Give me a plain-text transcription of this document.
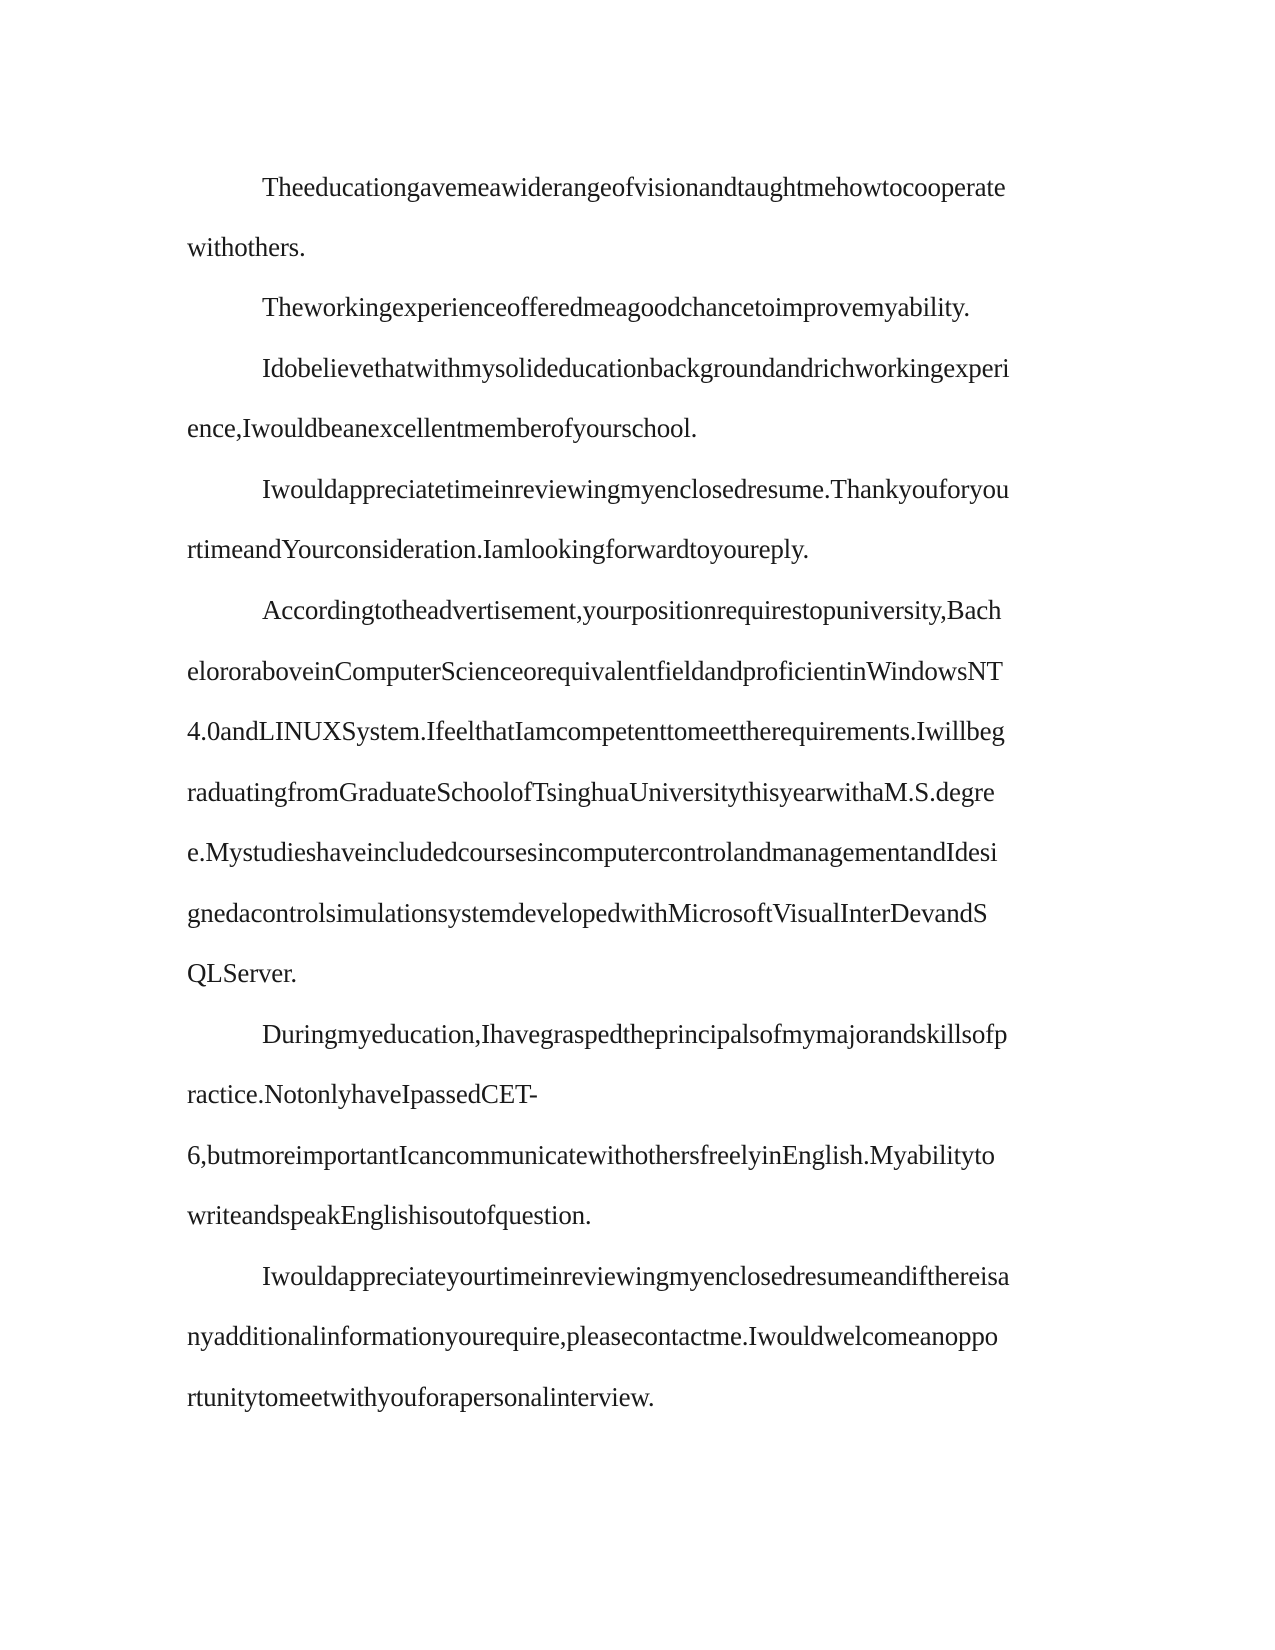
Theeducationgavemeawiderangeofvisionandtaughtmehowtocooperate
withothers.
Theworkingexperienceofferedmeagoodchancetoimprovemyability.
Idobelievethatwithmysolideducationbackgroundandrichworkingexperi
ence,Iwouldbeanexcellentmemberofyourschool.
Iwouldappreciatetimeinreviewingmyenclosedresume.Thankyouforyou
rtimeandYourconsideration.Iamlookingforwardtoyoureply.
Accordingtotheadvertisement,yourpositionrequirestopuniversity,Bach
elororaboveinComputerScienceorequivalentfieldandproficientinWindowsNT
4.0andLINUXSystem.IfeelthatIamcompetenttomeettherequirements.Iwillbeg
raduatingfromGraduateSchoolofTsinghuaUniversitythisyearwithaM.S.degre
e.MystudieshaveincludedcoursesincomputercontrolandmanagementandIdesi
gnedacontrolsimulationsystemdevelopedwithMicrosoftVisualInterDevandS
QLServer.
Duringmyeducation,Ihavegraspedtheprincipalsofmymajorandskillsofp
ractice.NotonlyhaveIpassedCET-
6,butmoreimportantIcancommunicatewithothersfreelyinEnglish.Myabilityto
writeandspeakEnglishisoutofquestion.
Iwouldappreciateyourtimeinreviewingmyenclosedresumeandifthereisa
nyadditionalinformationyourequire,pleasecontactme.Iwouldwelcomeanoppo
rtunitytomeetwithyouforapersonalinterview.
